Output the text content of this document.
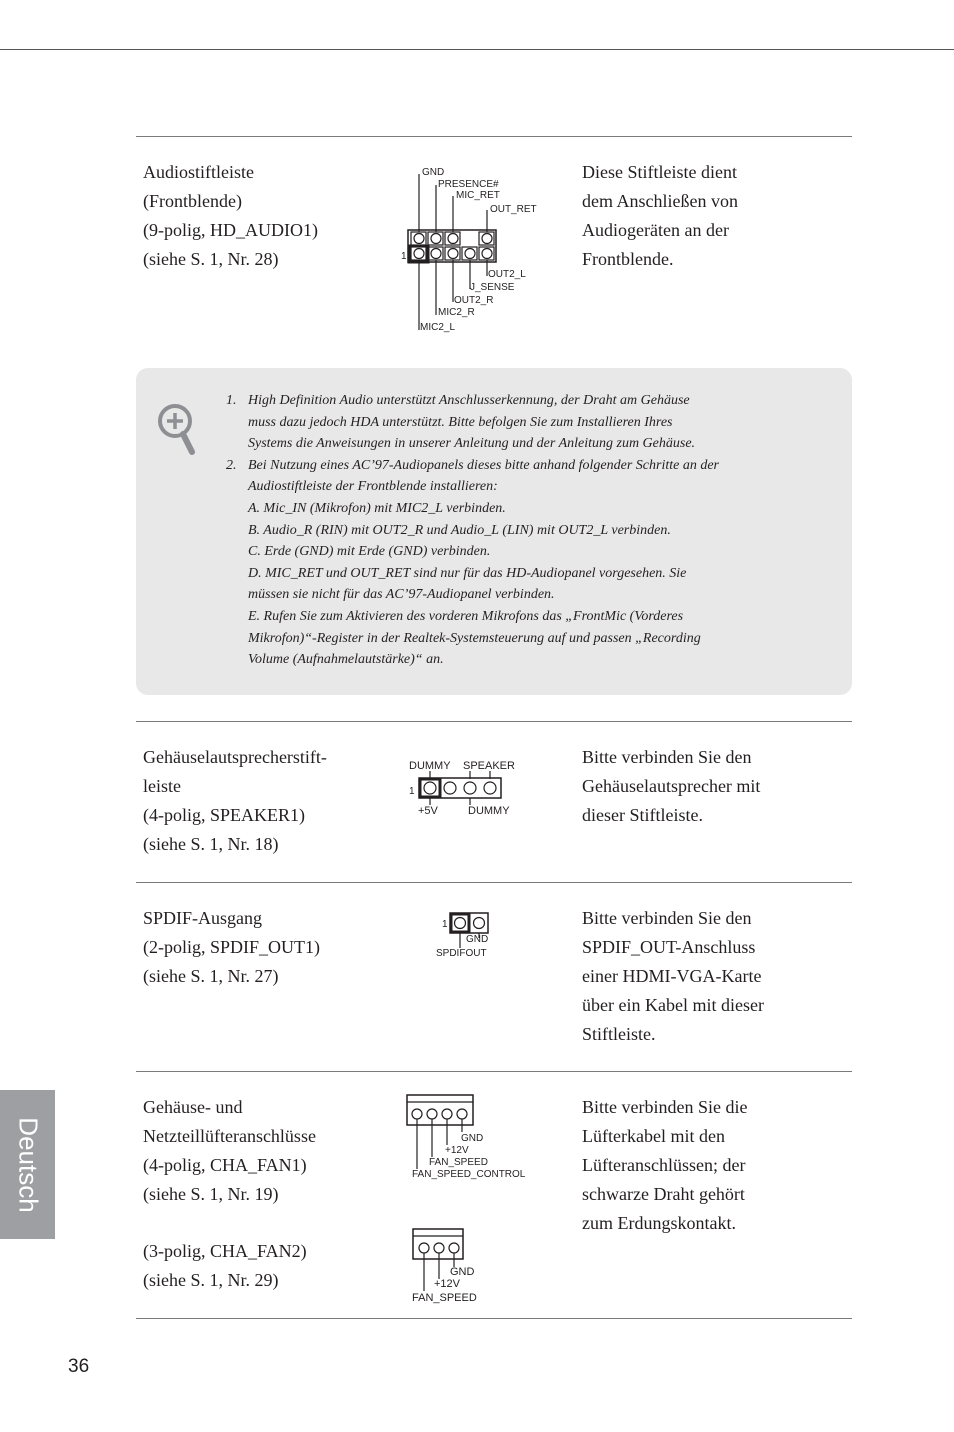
Audiostiftleiste
(Frontblende)
(9-polig, HD_AUDIO1)
(siehe S. 1, Nr. 28)
GND
PRESENCE#
MIC_RET
OUT_RET
1
OUT2_L
J_SENSE
OUT2_R
MIC2_R
MIC2_L
Diese Stiftleiste dient
dem Anschließen von
Audiogeräten an der
Frontblende.
1. High Definition Audio unterstützt Anschlusserkennung, der Draht am Gehäuse
muss dazu jedoch HDA unterstützt. Bitte befolgen Sie zum Installieren Ihres
Systems die Anweisungen in unserer Anleitung und der Anleitung zum Gehäuse.
2. Bei Nutzung eines AC’97-Audiopanels dieses bitte anhand folgender Schritte an der
Audiostiftleiste der Frontblende installieren:
A. Mic_IN (Mikrofon) mit MIC2_L verbinden.
B. Audio_R (RIN) mit OUT2_R und Audio_L (LIN) mit OUT2_L verbinden.
C. Erde (GND) mit Erde (GND) verbinden.
D. MIC_RET und OUT_RET sind nur für das HD-Audiopanel vorgesehen. Sie
müssen sie nicht für das AC’97-Audiopanel verbinden.
E. Rufen Sie zum Aktivieren des vorderen Mikrofons das „FrontMic (Vorderes
Mikrofon)“-Register in der Realtek-Systemsteuerung auf und passen „Recording
Volume (Aufnahmelautstärke)“ an.
Gehäuselautsprecherstift-
leiste
(4-polig, SPEAKER1)
(siehe S. 1, Nr. 18)
DUMMY SPEAKER
1
+5V	DUMMY
Bitte verbinden Sie den
Gehäuselautsprecher mit
dieser Stiftleiste.
SPDIF-Ausgang
(2-polig, SPDIF_OUT1)
(siehe S. 1, Nr. 27)
1
GND
SPDIFOUT
Bitte verbinden Sie den
SPDIF_OUT-Anschluss
einer HDMI-VGA-Karte
über ein Kabel mit dieser
Stiftleiste.
Gehäuse- und
Netzteillüfteranschlüsse
(4-polig, CHA_FAN1)
(siehe S. 1, Nr. 19)
(3-polig, CHA_FAN2)
(siehe S. 1, Nr. 29)
GND
+12V
FAN_SPEED
FAN_SPEED_CONTROL
GND
+12V
FAN_SPEED
Bitte verbinden Sie die
Lüfterkabel mit den
Lüfteranschlüssen; der
schwarze Draht gehört
zum Erdungskontakt.
Deutsch
36
